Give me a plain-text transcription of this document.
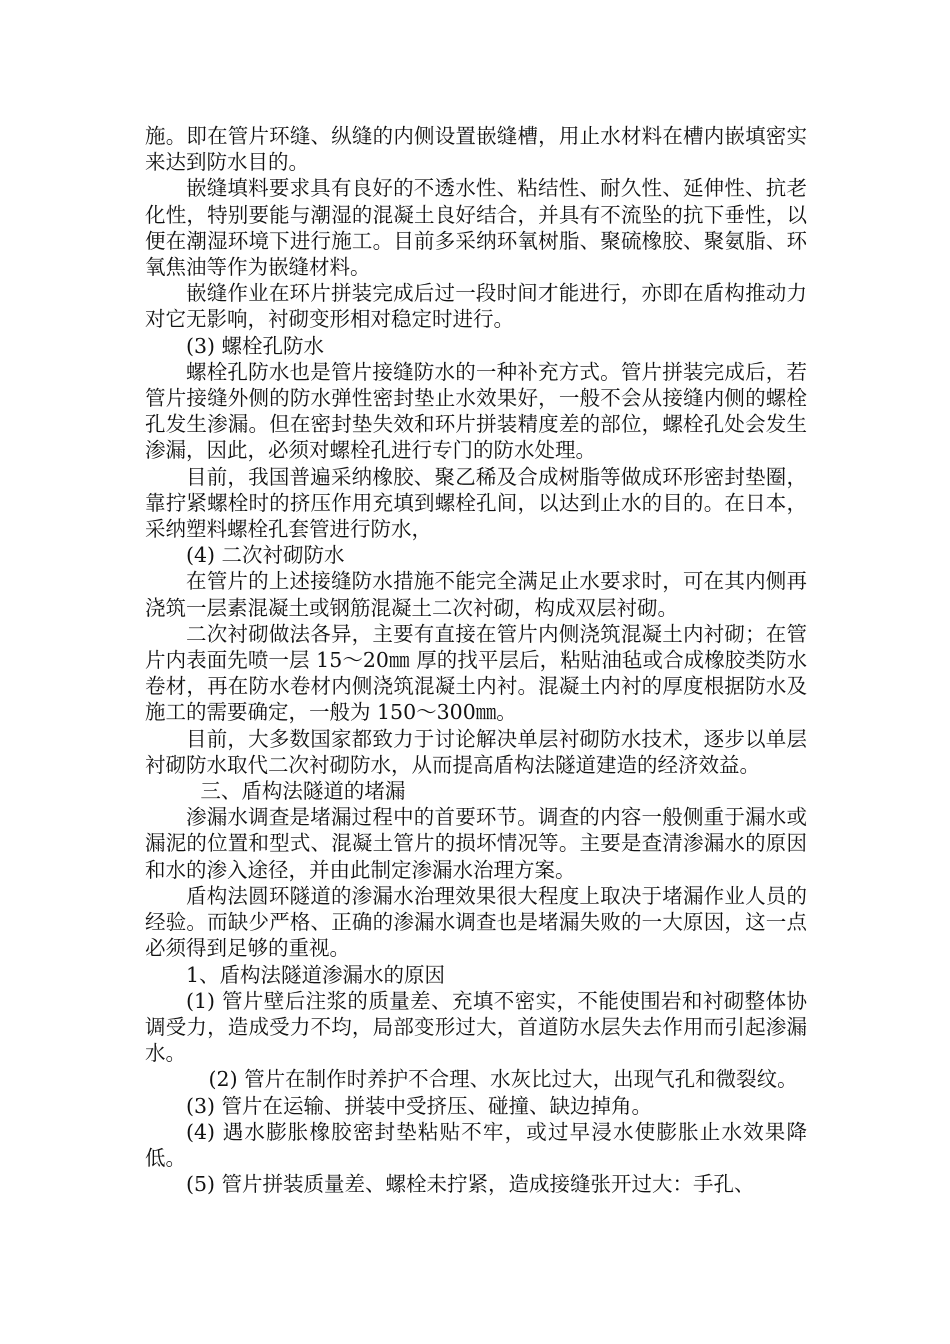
施。即在管片环缝、纵缝的内侧设置嵌缝槽，用止水材料在槽内嵌填密实来达到防水目的。

嵌缝填料要求具有良好的不透水性、粘结性、耐久性、延伸性、抗老化性，特别要能与潮湿的混凝土良好结合，并具有不流坠的抗下垂性，以便在潮湿环境下进行施工。目前多采纳环氧树脂、聚硫橡胶、聚氨脂、环氧焦油等作为嵌缝材料。

嵌缝作业在环片拼装完成后过一段时间才能进行，亦即在盾构推动力对它无影响，衬砌变形相对稳定时进行。

(3) 螺栓孔防水

螺栓孔防水也是管片接缝防水的一种补充方式。管片拼装完成后，若管片接缝外侧的防水弹性密封垫止水效果好，一般不会从接缝内侧的螺栓孔发生渗漏。但在密封垫失效和环片拼装精度差的部位，螺栓孔处会发生渗漏，因此，必须对螺栓孔进行专门的防水处理。

目前，我国普遍采纳橡胶、聚乙稀及合成树脂等做成环形密封垫圈，靠拧紧螺栓时的挤压作用充填到螺栓孔间，以达到止水的目的。在日本，采纳塑料螺栓孔套管进行防水，

(4) 二次衬砌防水

在管片的上述接缝防水措施不能完全满足止水要求时，可在其内侧再浇筑一层素混凝土或钢筋混凝土二次衬砌，构成双层衬砌。

二次衬砌做法各异，主要有直接在管片内侧浇筑混凝土内衬砌；在管片内表面先喷一层 15～20㎜ 厚的找平层后，粘贴油毡或合成橡胶类防水卷材，再在防水卷材内侧浇筑混凝土内衬。混凝土内衬的厚度根据防水及施工的需要确定，一般为 150～300㎜。

目前，大多数国家都致力于讨论解决单层衬砌防水技术，逐步以单层衬砌防水取代二次衬砌防水，从而提高盾构法隧道建造的经济效益。

三、盾构法隧道的堵漏

渗漏水调查是堵漏过程中的首要环节。调查的内容一般侧重于漏水或漏泥的位置和型式、混凝土管片的损坏情况等。主要是查清渗漏水的原因和水的渗入途径，并由此制定渗漏水治理方案。

盾构法圆环隧道的渗漏水治理效果很大程度上取决于堵漏作业人员的经验。而缺少严格、正确的渗漏水调查也是堵漏失败的一大原因，这一点必须得到足够的重视。

1、盾构法隧道渗漏水的原因

(1) 管片壁后注浆的质量差、充填不密实，不能使围岩和衬砌整体协调受力，造成受力不均，局部变形过大，首道防水层失去作用而引起渗漏水。

(2) 管片在制作时养护不合理、水灰比过大，出现气孔和微裂纹。

(3) 管片在运输、拼装中受挤压、碰撞、缺边掉角。

(4) 遇水膨胀橡胶密封垫粘贴不牢，或过早浸水使膨胀止水效果降低。

(5) 管片拼装质量差、螺栓未拧紧，造成接缝张开过大：手孔、
